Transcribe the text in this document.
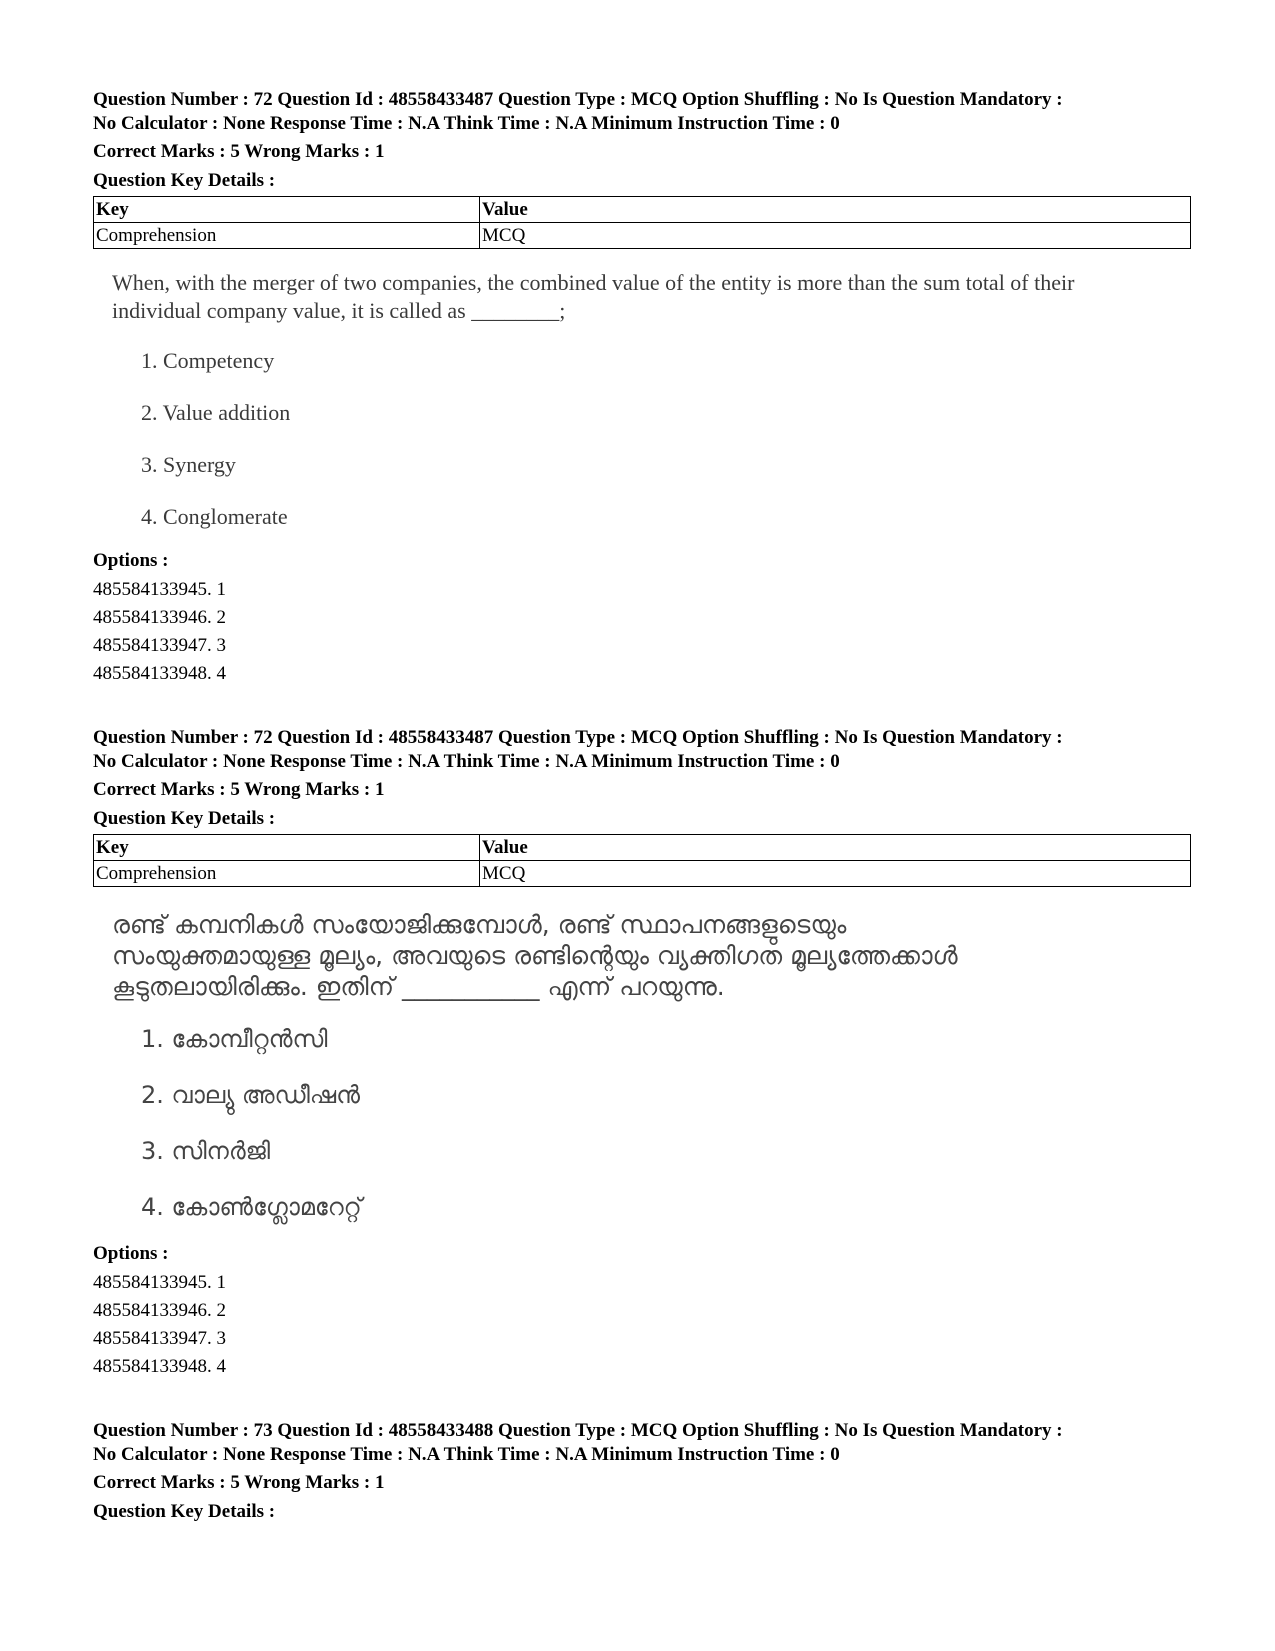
Question Number : 72 Question Id : 48558433487 Question Type : MCQ Option Shuffling : No Is Question Mandatory :
No Calculator : None Response Time : N.A Think Time : N.A Minimum Instruction Time : 0
Correct Marks : 5 Wrong Marks : 1
Question Key Details :
Key	Value
Comprehension	MCQ
When, with the merger of two companies, the combined value of the entity is more than the sum total of their
individual company value, it is called as ________;
1. Competency
2. Value addition
3. Synergy
4. Conglomerate
Options :
485584133945. 1
485584133946. 2
485584133947. 3
485584133948. 4
Question Number : 72 Question Id : 48558433487 Question Type : MCQ Option Shuffling : No Is Question Mandatory :
No Calculator : None Response Time : N.A Think Time : N.A Minimum Instruction Time : 0
Correct Marks : 5 Wrong Marks : 1
Question Key Details :
Key	Value
Comprehension	MCQ
രണ്ട് കമ്പനികൾ സംയോജിക്കുമ്പോൾ, രണ്ട് സ്ഥാപനങ്ങളുടെയും
സംയുക്തമായുള്ള മൂല്യം, അവയുടെ രണ്ടിന്റെയും വ്യക്തിഗത മൂല്യത്തേക്കാൾ
കൂടുതലായിരിക്കും. ഇതിന് ___________ എന്ന് പറയുന്നു.
1. കോമ്പീറ്റൻസി
2. വാല്യു അഡീഷൻ
3. സിനർജി
4. കോൺഗ്ലോമറേറ്റ്
Options :
485584133945. 1
485584133946. 2
485584133947. 3
485584133948. 4
Question Number : 73 Question Id : 48558433488 Question Type : MCQ Option Shuffling : No Is Question Mandatory :
No Calculator : None Response Time : N.A Think Time : N.A Minimum Instruction Time : 0
Correct Marks : 5 Wrong Marks : 1
Question Key Details :
